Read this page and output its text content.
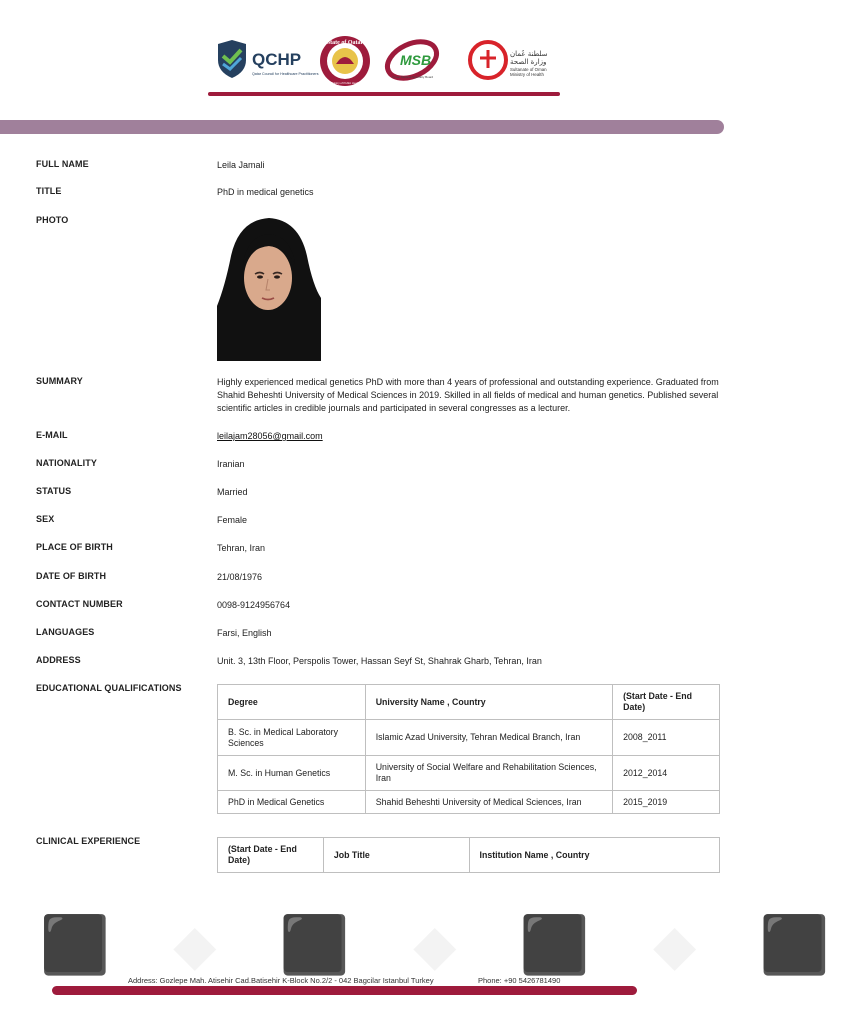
QCHP
Qatar Council for Healthcare Practitioners
State of Qatar
Ministry of Public Health
MSB
Oman Medical Specialty Board
سلطنة عُمان
وزارة الصحة
Sultanate of Oman
Ministry of Health
FULL NAME	Leila Jamali
TITLE	PhD in medical genetics
PHOTO
SUMMARY	Highly experienced medical genetics PhD with more than 4 years of professional and outstanding experience. Graduated from Shahid Beheshti University of Medical Sciences in 2019. Skilled in all fields of medical and human genetics. Published several scientific articles in credible journals and participated in several congresses as a lecturer.
E-MAIL	leilajam28056@gmail.com
NATIONALITY	Iranian
STATUS	Married
SEX	Female
PLACE OF BIRTH	Tehran, Iran
DATE OF BIRTH	21/08/1976
CONTACT NUMBER	0098-9124956764
LANGUAGES	Farsi, English
ADDRESS	Unit. 3, 13th Floor, Perspolis Tower, Hassan Seyf St, Shahrak Gharb, Tehran, Iran
EDUCATIONAL QUALIFICATIONS
Degree	University Name , Country	(Start Date - End Date)
B. Sc. in Medical Laboratory Sciences	Islamic Azad University, Tehran Medical Branch, Iran	2008_2011
M. Sc. in Human Genetics	University of Social Welfare and Rehabilitation Sciences, Iran	2012_2014
PhD in Medical Genetics	Shahid Beheshti University of Medical Sciences, Iran	2015_2019
CLINICAL EXPERIENCE
(Start Date - End Date)	Job Title	Institution Name , Country
⬛ ◆ ⬛ ◆ ⬛ ◆ ⬛
Address: Gozlepe Mah. Atisehir Cad.Batisehir K-Block No.2/2 - 042 Bagcilar Istanbul Turkey	Phone: +90 5426781490
